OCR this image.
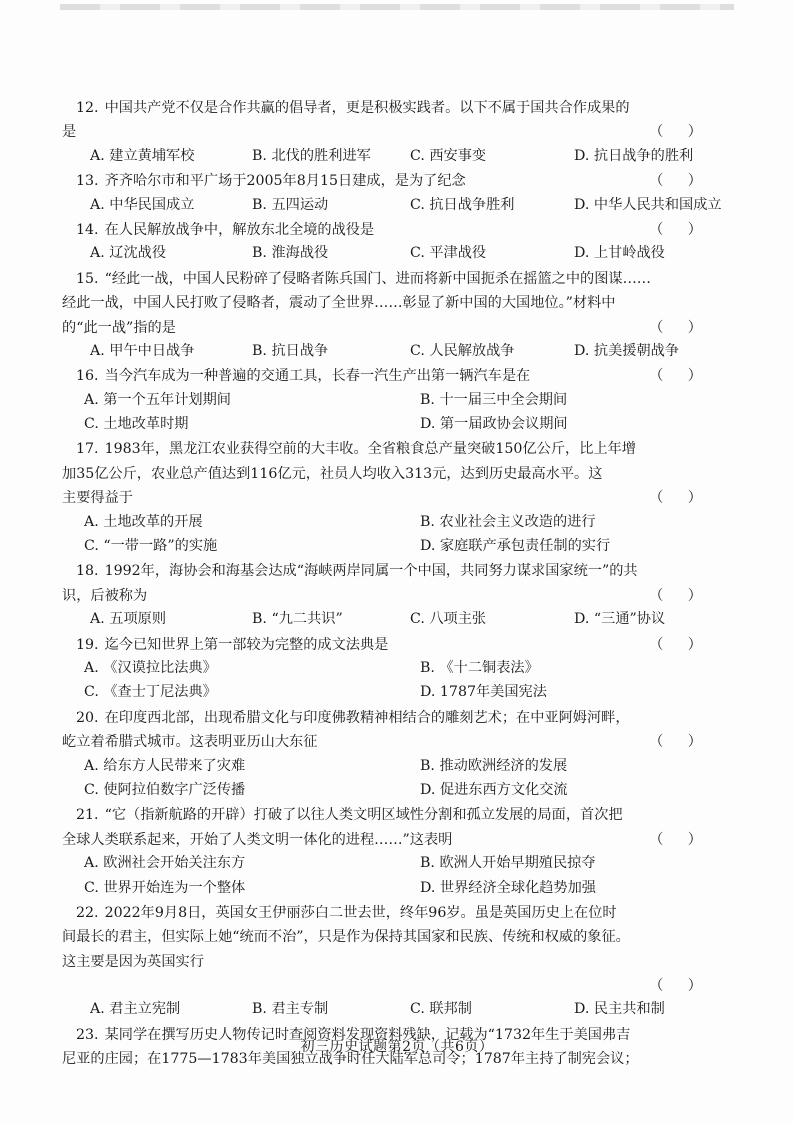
12. 中国共产党不仅是合作共赢的倡导者，更是积极实践者。以下不属于国共合作成果的
是	（ ）
A. 建立黄埔军校	B. 北伐的胜利进军	C. 西安事变	D. 抗日战争的胜利
13. 齐齐哈尔市和平广场于2005年8月15日建成，是为了纪念	（ ）
A. 中华民国成立	B. 五四运动	C. 抗日战争胜利	D. 中华人民共和国成立
14. 在人民解放战争中，解放东北全境的战役是	（ ）
A. 辽沈战役	B. 淮海战役	C. 平津战役	D. 上甘岭战役
15. “经此一战，中国人民粉碎了侵略者陈兵国门、进而将新中国扼杀在摇篮之中的图谋……
经此一战，中国人民打败了侵略者，震动了全世界……彰显了新中国的大国地位。”材料中
的“此一战”指的是	（ ）
A. 甲午中日战争	B. 抗日战争	C. 人民解放战争	D. 抗美援朝战争
16. 当今汽车成为一种普遍的交通工具，长春一汽生产出第一辆汽车是在	（ ）
A. 第一个五年计划期间	B. 十一届三中全会期间
C. 土地改革时期	D. 第一届政协会议期间
17. 1983年，黑龙江农业获得空前的大丰收。全省粮食总产量突破150亿公斤，比上年增
加35亿公斤，农业总产值达到116亿元，社员人均收入313元，达到历史最高水平。这
主要得益于	（ ）
A. 土地改革的开展	B. 农业社会主义改造的进行
C. “一带一路”的实施	D. 家庭联产承包责任制的实行
18. 1992年，海协会和海基会达成“海峡两岸同属一个中国，共同努力谋求国家统一”的共
识，后被称为	（ ）
A. 五项原则	B. “九二共识”	C. 八项主张	D. “三通”协议
19. 迄今已知世界上第一部较为完整的成文法典是	（ ）
A. 《汉谟拉比法典》	B. 《十二铜表法》
C. 《查士丁尼法典》	D. 1787年美国宪法
20. 在印度西北部，出现希腊文化与印度佛教精神相结合的雕刻艺术；在中亚阿姆河畔，
屹立着希腊式城市。这表明亚历山大东征	（ ）
A. 给东方人民带来了灾难	B. 推动欧洲经济的发展
C. 使阿拉伯数字广泛传播	D. 促进东西方文化交流
21. “它（指新航路的开辟）打破了以往人类文明区域性分割和孤立发展的局面，首次把
全球人类联系起来，开始了人类文明一体化的进程……”这表明	（ ）
A. 欧洲社会开始关注东方	B. 欧洲人开始早期殖民掠夺
C. 世界开始连为一个整体	D. 世界经济全球化趋势加强
22. 2022年9月8日，英国女王伊丽莎白二世去世，终年96岁。虽是英国历史上在位时
间最长的君主，但实际上她“统而不治”，只是作为保持其国家和民族、传统和权威的象征。
这主要是因为英国实行
（ ）
A. 君主立宪制	B. 君主专制	C. 联邦制	D. 民主共和制
23. 某同学在撰写历史人物传记时查阅资料发现资料残缺，记载为“1732年生于美国弗吉
尼亚的庄园；在1775—1783年美国独立战争时任大陆军总司令；1787年主持了制宪会议；
初三历史试题第2页（共6页）
